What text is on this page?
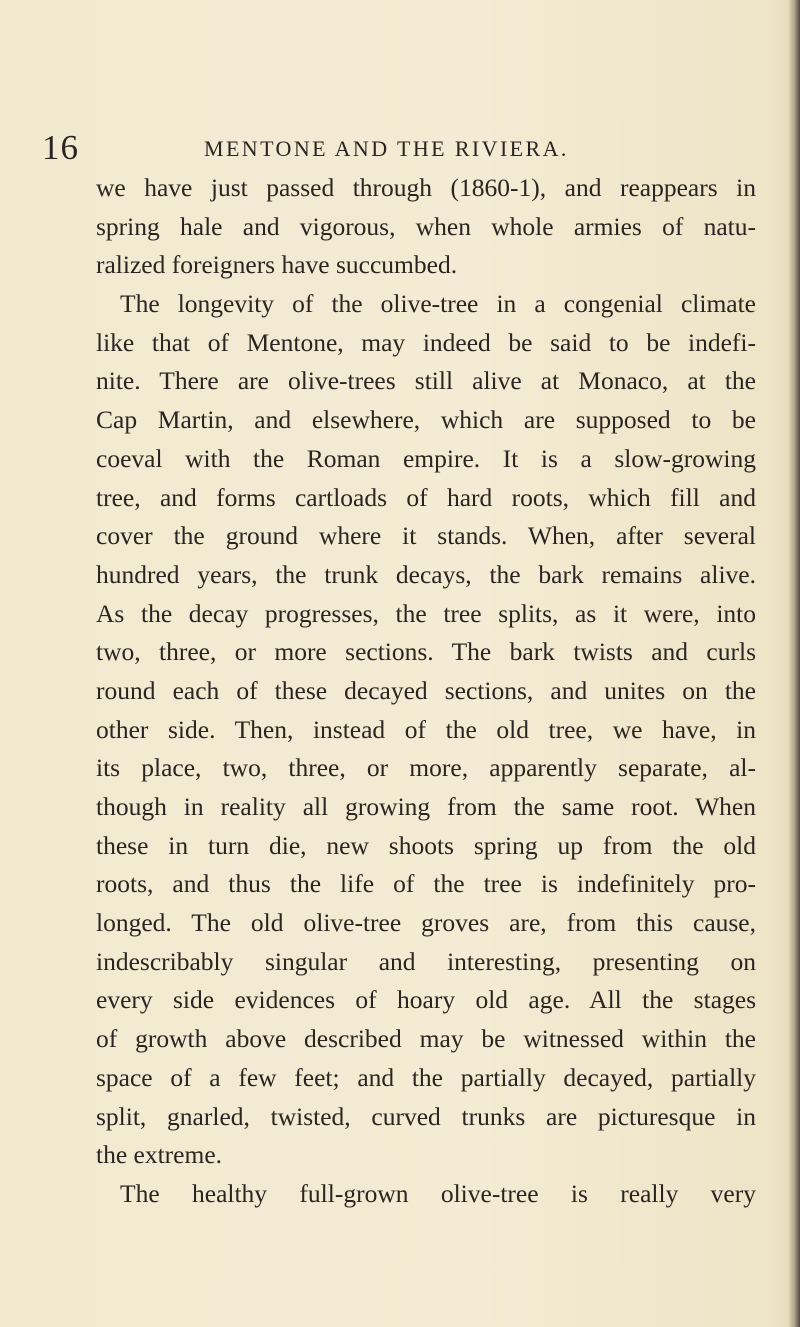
16	MENTONE AND THE RIVIERA.
we have just passed through (1860-1), and reappears in
spring hale and vigorous, when whole armies of natu-
ralized foreigners have succumbed.
The longevity of the olive-tree in a congenial climate
like that of Mentone, may indeed be said to be indefi-
nite. There are olive-trees still alive at Monaco, at the
Cap Martin, and elsewhere, which are supposed to be
coeval with the Roman empire. It is a slow-growing
tree, and forms cartloads of hard roots, which fill and
cover the ground where it stands. When, after several
hundred years, the trunk decays, the bark remains alive.
As the decay progresses, the tree splits, as it were, into
two, three, or more sections. The bark twists and curls
round each of these decayed sections, and unites on the
other side. Then, instead of the old tree, we have, in
its place, two, three, or more, apparently separate, al-
though in reality all growing from the same root. When
these in turn die, new shoots spring up from the old
roots, and thus the life of the tree is indefinitely pro-
longed. The old olive-tree groves are, from this cause,
indescribably singular and interesting, presenting on
every side evidences of hoary old age. All the stages
of growth above described may be witnessed within the
space of a few feet; and the partially decayed, partially
split, gnarled, twisted, curved trunks are picturesque in
the extreme.
The healthy full-grown olive-tree is really very
